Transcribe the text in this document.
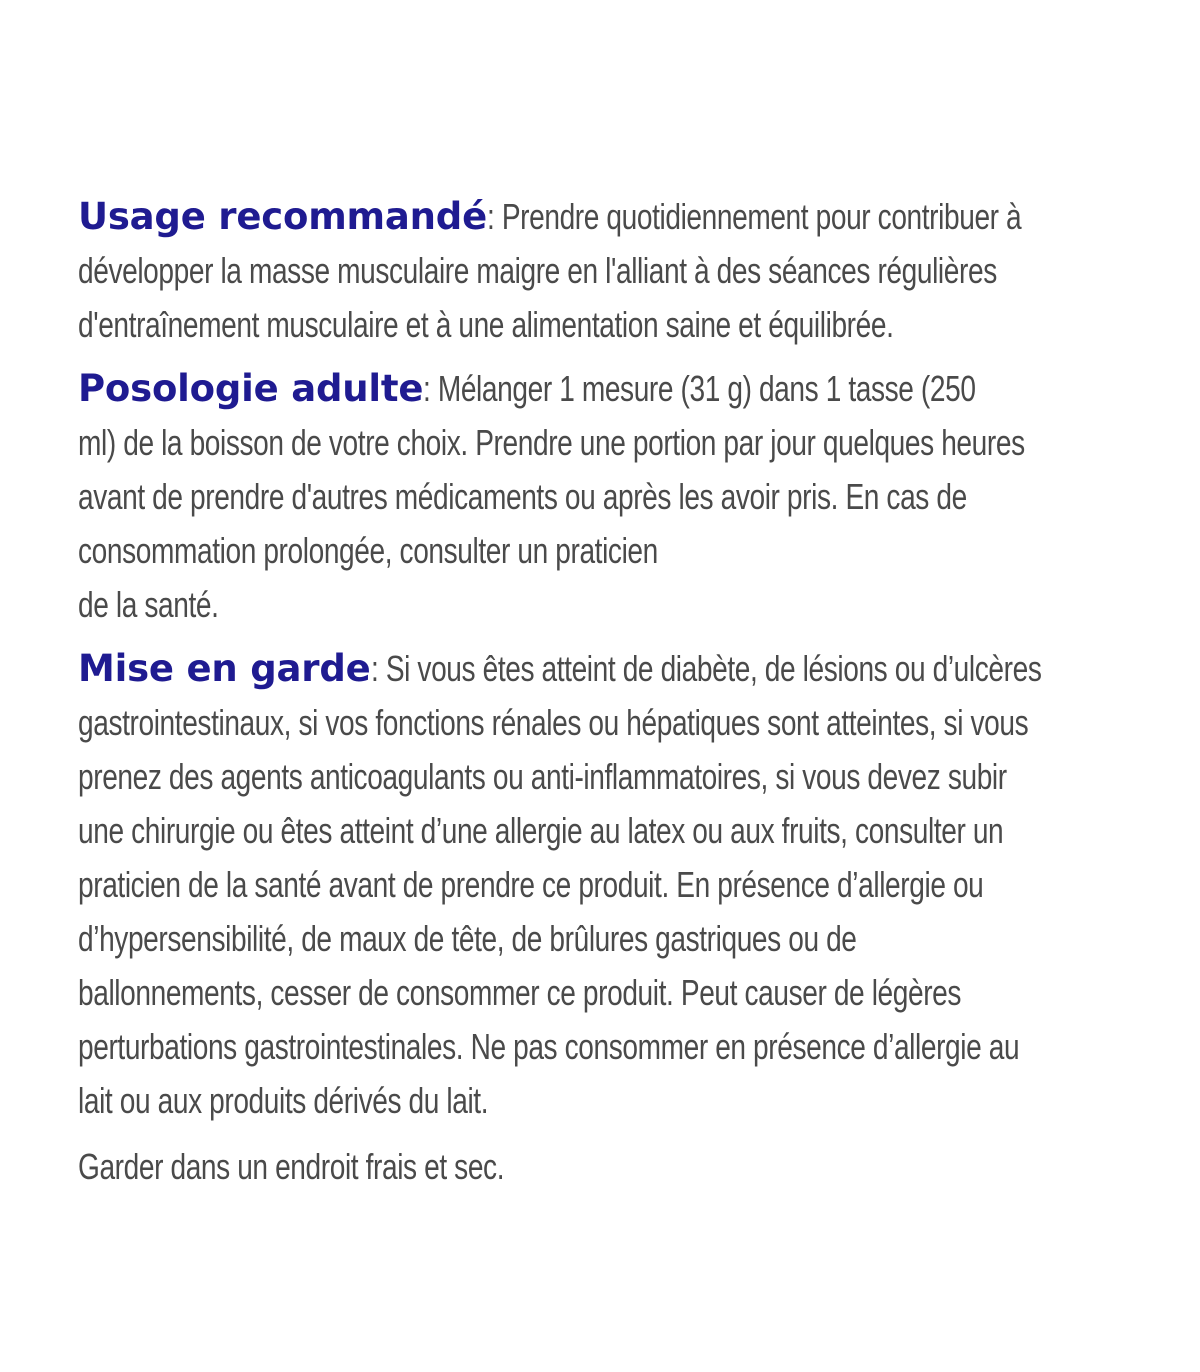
Usage recommandé: Prendre quotidiennement pour contribuer à
développer la masse musculaire maigre en l'alliant à des séances régulières
d'entraînement musculaire et à une alimentation saine et équilibrée.
Posologie adulte: Mélanger 1 mesure (31 g) dans 1 tasse (250
ml) de la boisson de votre choix. Prendre une portion par jour quelques heures
avant de prendre d'autres médicaments ou après les avoir pris. En cas de
consommation prolongée, consulter un praticien
de la santé.
Mise en garde: Si vous êtes atteint de diabète, de lésions ou d’ulcères
gastrointestinaux, si vos fonctions rénales ou hépatiques sont atteintes, si vous
prenez des agents anticoagulants ou anti-inflammatoires, si vous devez subir
une chirurgie ou êtes atteint d’une allergie au latex ou aux fruits, consulter un
praticien de la santé avant de prendre ce produit. En présence d’allergie ou
d’hypersensibilité, de maux de tête, de brûlures gastriques ou de
ballonnements, cesser de consommer ce produit. Peut causer de légères
perturbations gastrointestinales. Ne pas consommer en présence d’allergie au
lait ou aux produits dérivés du lait.
Garder dans un endroit frais et sec.
